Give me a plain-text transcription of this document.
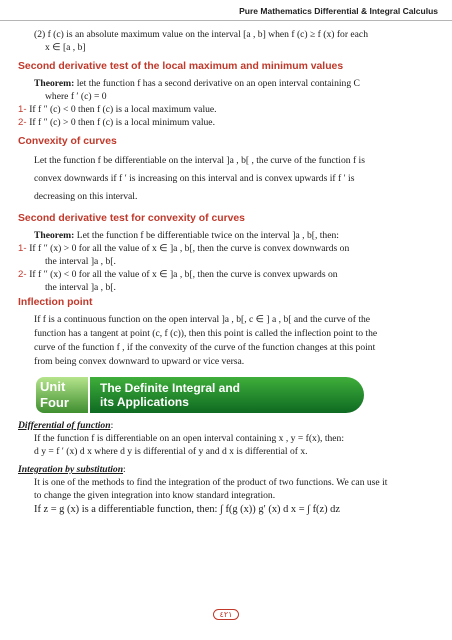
Pure Mathematics Differential & Integral Calculus

(2) f (c) is an absolute maximum value on the interval [a , b] when f (c) ≥ f (x) for each

x ∈ [a , b]

Second derivative test of the local maximum and minimum values

Theorem: let the function f has a second derivative on an open interval containing C

where f ′ (c) = 0

1- If f ″ (c) < 0 then f (c) is a local maximum value.

2- If f ″ (c) > 0 then f (c) is a local minimum value.

Convexity of curves

Let the function f be differentiable on the interval ]a , b[ , the curve of the function f is

convex downwards if f ′ is increasing on this interval and is convex upwards if f ′ is

decreasing on this interval.

Second derivative test for convexity of curves

Theorem: Let the function f be differentiable twice on the interval ]a , b[, then:

1- If f ′′ (x) > 0 for all the value of x ∈ ]a , b[, then the curve is convex downwards on

the interval ]a , b[.

2- If f ′′ (x) < 0 for all the value of x ∈ ]a , b[, then the curve is convex upwards on

the interval ]a , b[.

Inflection point

If f is a continuous function on the open interval ]a , b[, c ∈ ] a , b[ and the curve of the

function has a tangent at point (c, f (c)), then this point is called the inflection point to the

curve of the function f , if the convexity of the curve of the function changes at this point

from being convex downward to upward or vice versa.

Unit
Four
The Definite Integral and
its Applications

Differential of function:

If the function f is differentiable on an open interval containing x , y = f(x), then:

d y = f ′ (x) d x where d y is differential of y and d x is differential of x.

Integration by substitution:

It is one of the methods to find the integration of the product of two functions. We can use it

to change the given integration into know standard integration.

If z = g (x) is a differentiable function, then: ∫ f(g (x)) g′ (x) d x = ∫ f(z) dz

٤٢١
